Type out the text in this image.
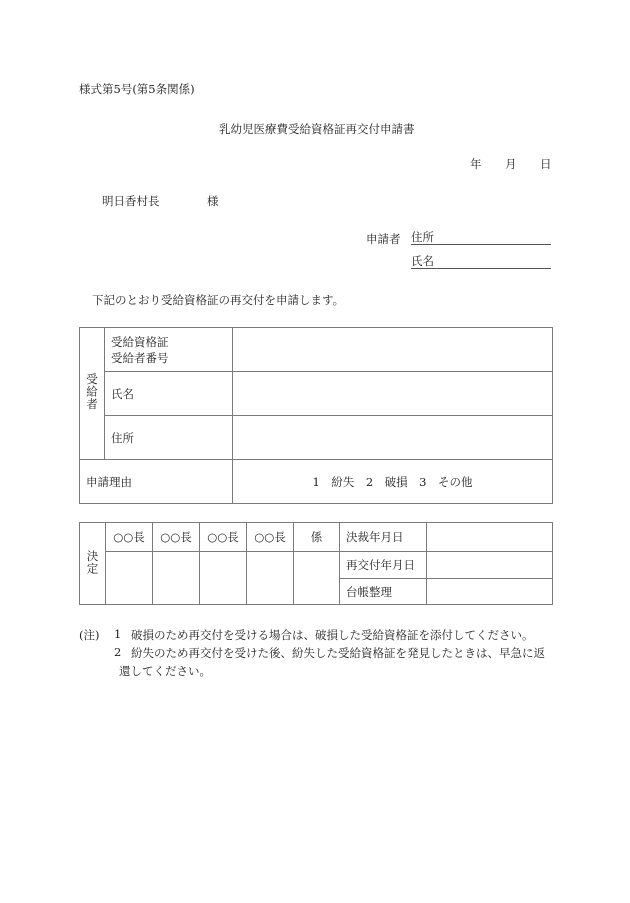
様式第5号(第5条関係)
乳幼児医療費受給資格証再交付申請書
年 月 日
明日香村長	様
申請者 住所
氏名
下記のとおり受給資格証の再交付を申請します。
受給者	受給資格証
受給者番号	

	氏名	
	住所	
申請理由		1　紛失　2　破損　3　その他
決定	○○長	○○長	○○長	○○長	係	決裁年月日	
						再交付年月日	
						台帳整理	
(注) 1 破損のため再交付を受ける場合は、破損した受給資格証を添付してください。
2 紛失のため再交付を受けた後、紛失した受給資格証を発見したときは、早急に返
還してください。
